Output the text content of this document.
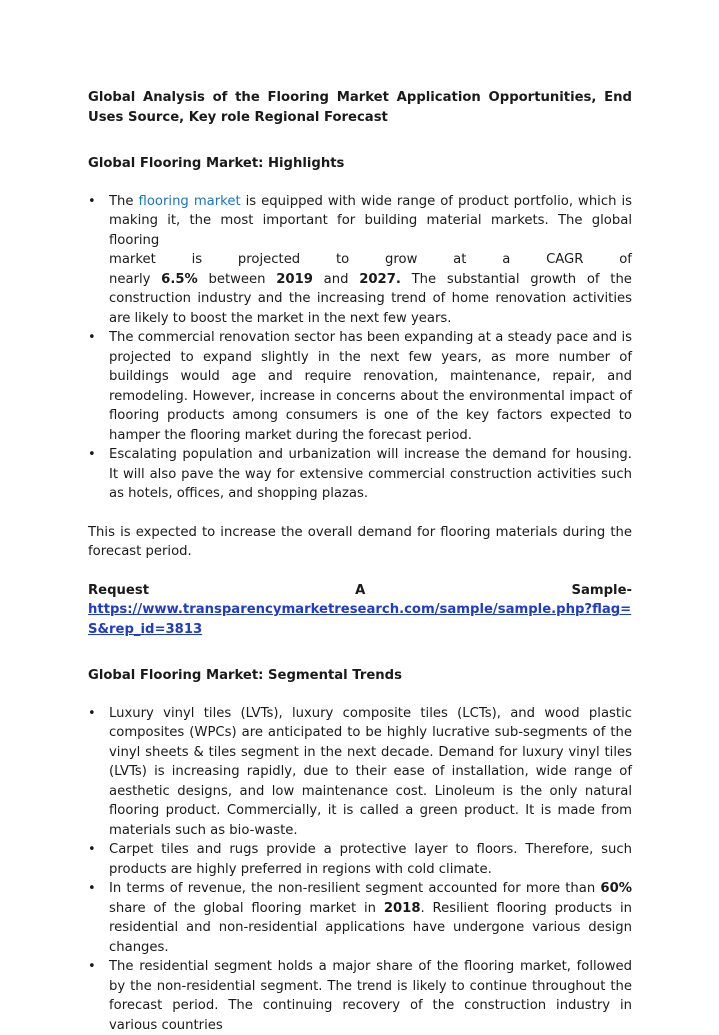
Global Analysis of the Flooring Market Application Opportunities, End Uses Source, Key role Regional Forecast

Global Flooring Market: Highlights

• The flooring market is equipped with wide range of product portfolio, which is making it, the most important for building material markets. The global flooring
market	is	projected	to	grow	at	a	CAGR	of
nearly 6.5% between 2019 and 2027. The substantial growth of the construction industry and the increasing trend of home renovation activities are likely to boost the market in the next few years.
• The commercial renovation sector has been expanding at a steady pace and is projected to expand slightly in the next few years, as more number of buildings would age and require renovation, maintenance, repair, and remodeling. However, increase in concerns about the environmental impact of flooring products among consumers is one of the key factors expected to hamper the flooring market during the forecast period.
• Escalating population and urbanization will increase the demand for housing. It will also pave the way for extensive commercial construction activities such as hotels, offices, and shopping plazas.

This is expected to increase the overall demand for flooring materials during the forecast period.

Request	A	Sample-
https://www.transparencymarketresearch.com/sample/sample.php?flag=S&rep_id=3813

Global Flooring Market: Segmental Trends

• Luxury vinyl tiles (LVTs), luxury composite tiles (LCTs), and wood plastic composites (WPCs) are anticipated to be highly lucrative sub-segments of the vinyl sheets & tiles segment in the next decade. Demand for luxury vinyl tiles (LVTs) is increasing rapidly, due to their ease of installation, wide range of aesthetic designs, and low maintenance cost. Linoleum is the only natural flooring product. Commercially, it is called a green product. It is made from materials such as bio-waste.
• Carpet tiles and rugs provide a protective layer to floors. Therefore, such products are highly preferred in regions with cold climate.
• In terms of revenue, the non-resilient segment accounted for more than 60% share of the global flooring market in 2018. Resilient flooring products in residential and non-residential applications have undergone various design changes.
• The residential segment holds a major share of the flooring market, followed by the non-residential segment. The trend is likely to continue throughout the forecast period. The continuing recovery of the construction industry in various countries
